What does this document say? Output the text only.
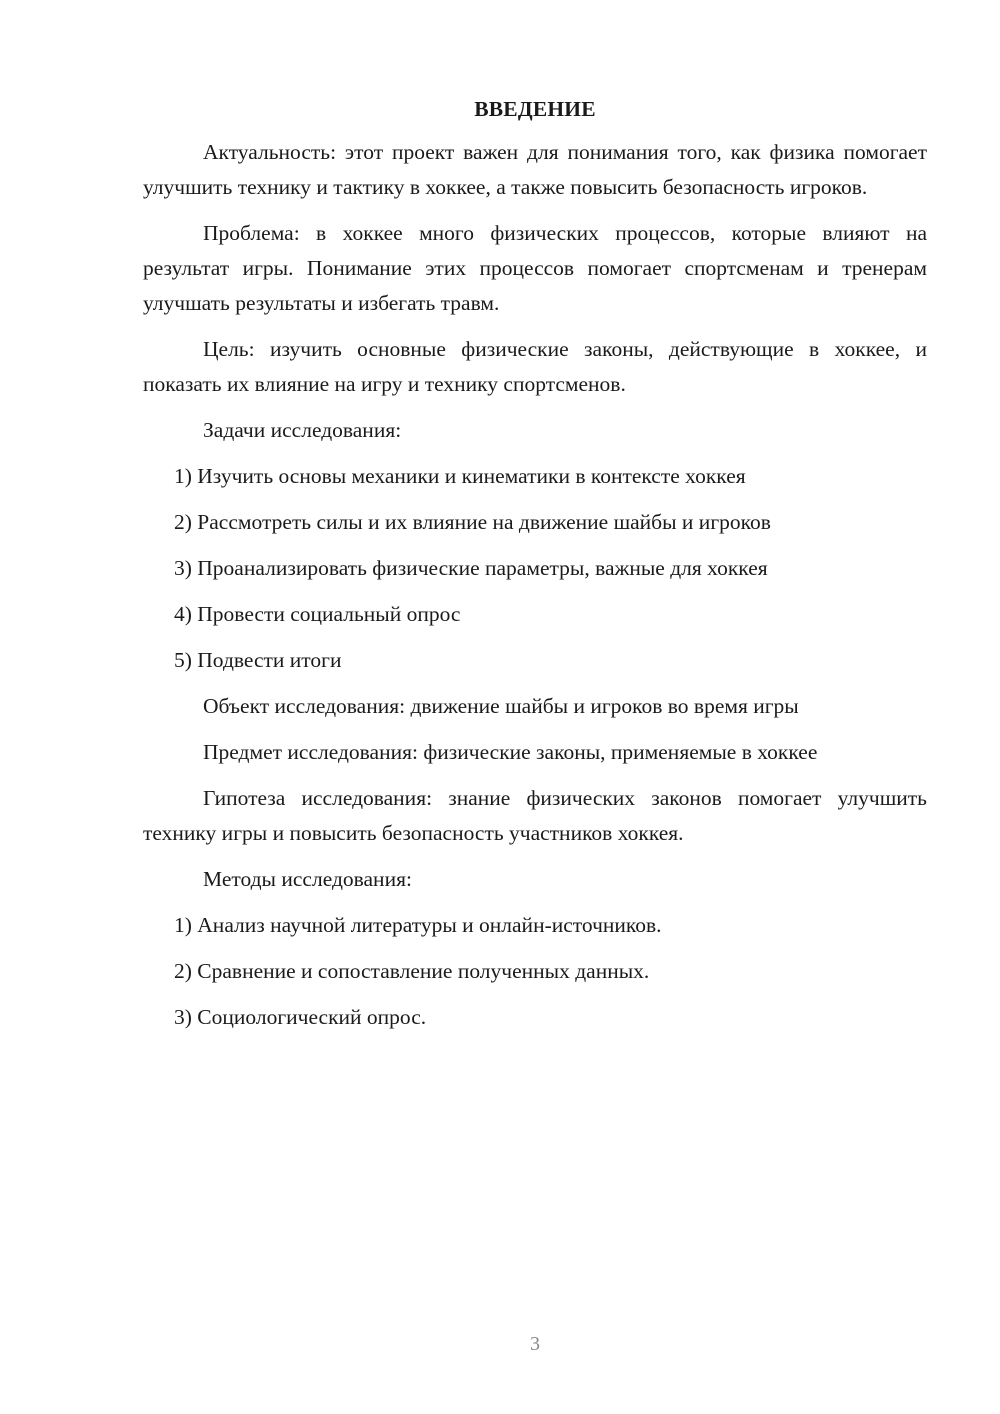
ВВЕДЕНИЕ
Актуальность: этот проект важен для понимания того, как физика помогает улучшить технику и тактику в хоккее, а также повысить безопасность игроков.
Проблема: в хоккее много физических процессов, которые влияют на результат игры. Понимание этих процессов помогает спортсменам и тренерам улучшать результаты и избегать травм.
Цель: изучить основные физические законы, действующие в хоккее, и показать их влияние на игру и технику спортсменов.
Задачи исследования:
1) Изучить основы механики и кинематики в контексте хоккея
2) Рассмотреть силы и их влияние на движение шайбы и игроков
3) Проанализировать физические параметры, важные для хоккея
4) Провести социальный опрос
5) Подвести итоги
Объект исследования: движение шайбы и игроков во время игры
Предмет исследования: физические законы, применяемые в хоккее
Гипотеза исследования: знание физических законов помогает улучшить технику игры и повысить безопасность участников хоккея.
Методы исследования:
1) Анализ научной литературы и онлайн-источников.
2) Сравнение и сопоставление полученных данных.
3) Социологический опрос.
3
